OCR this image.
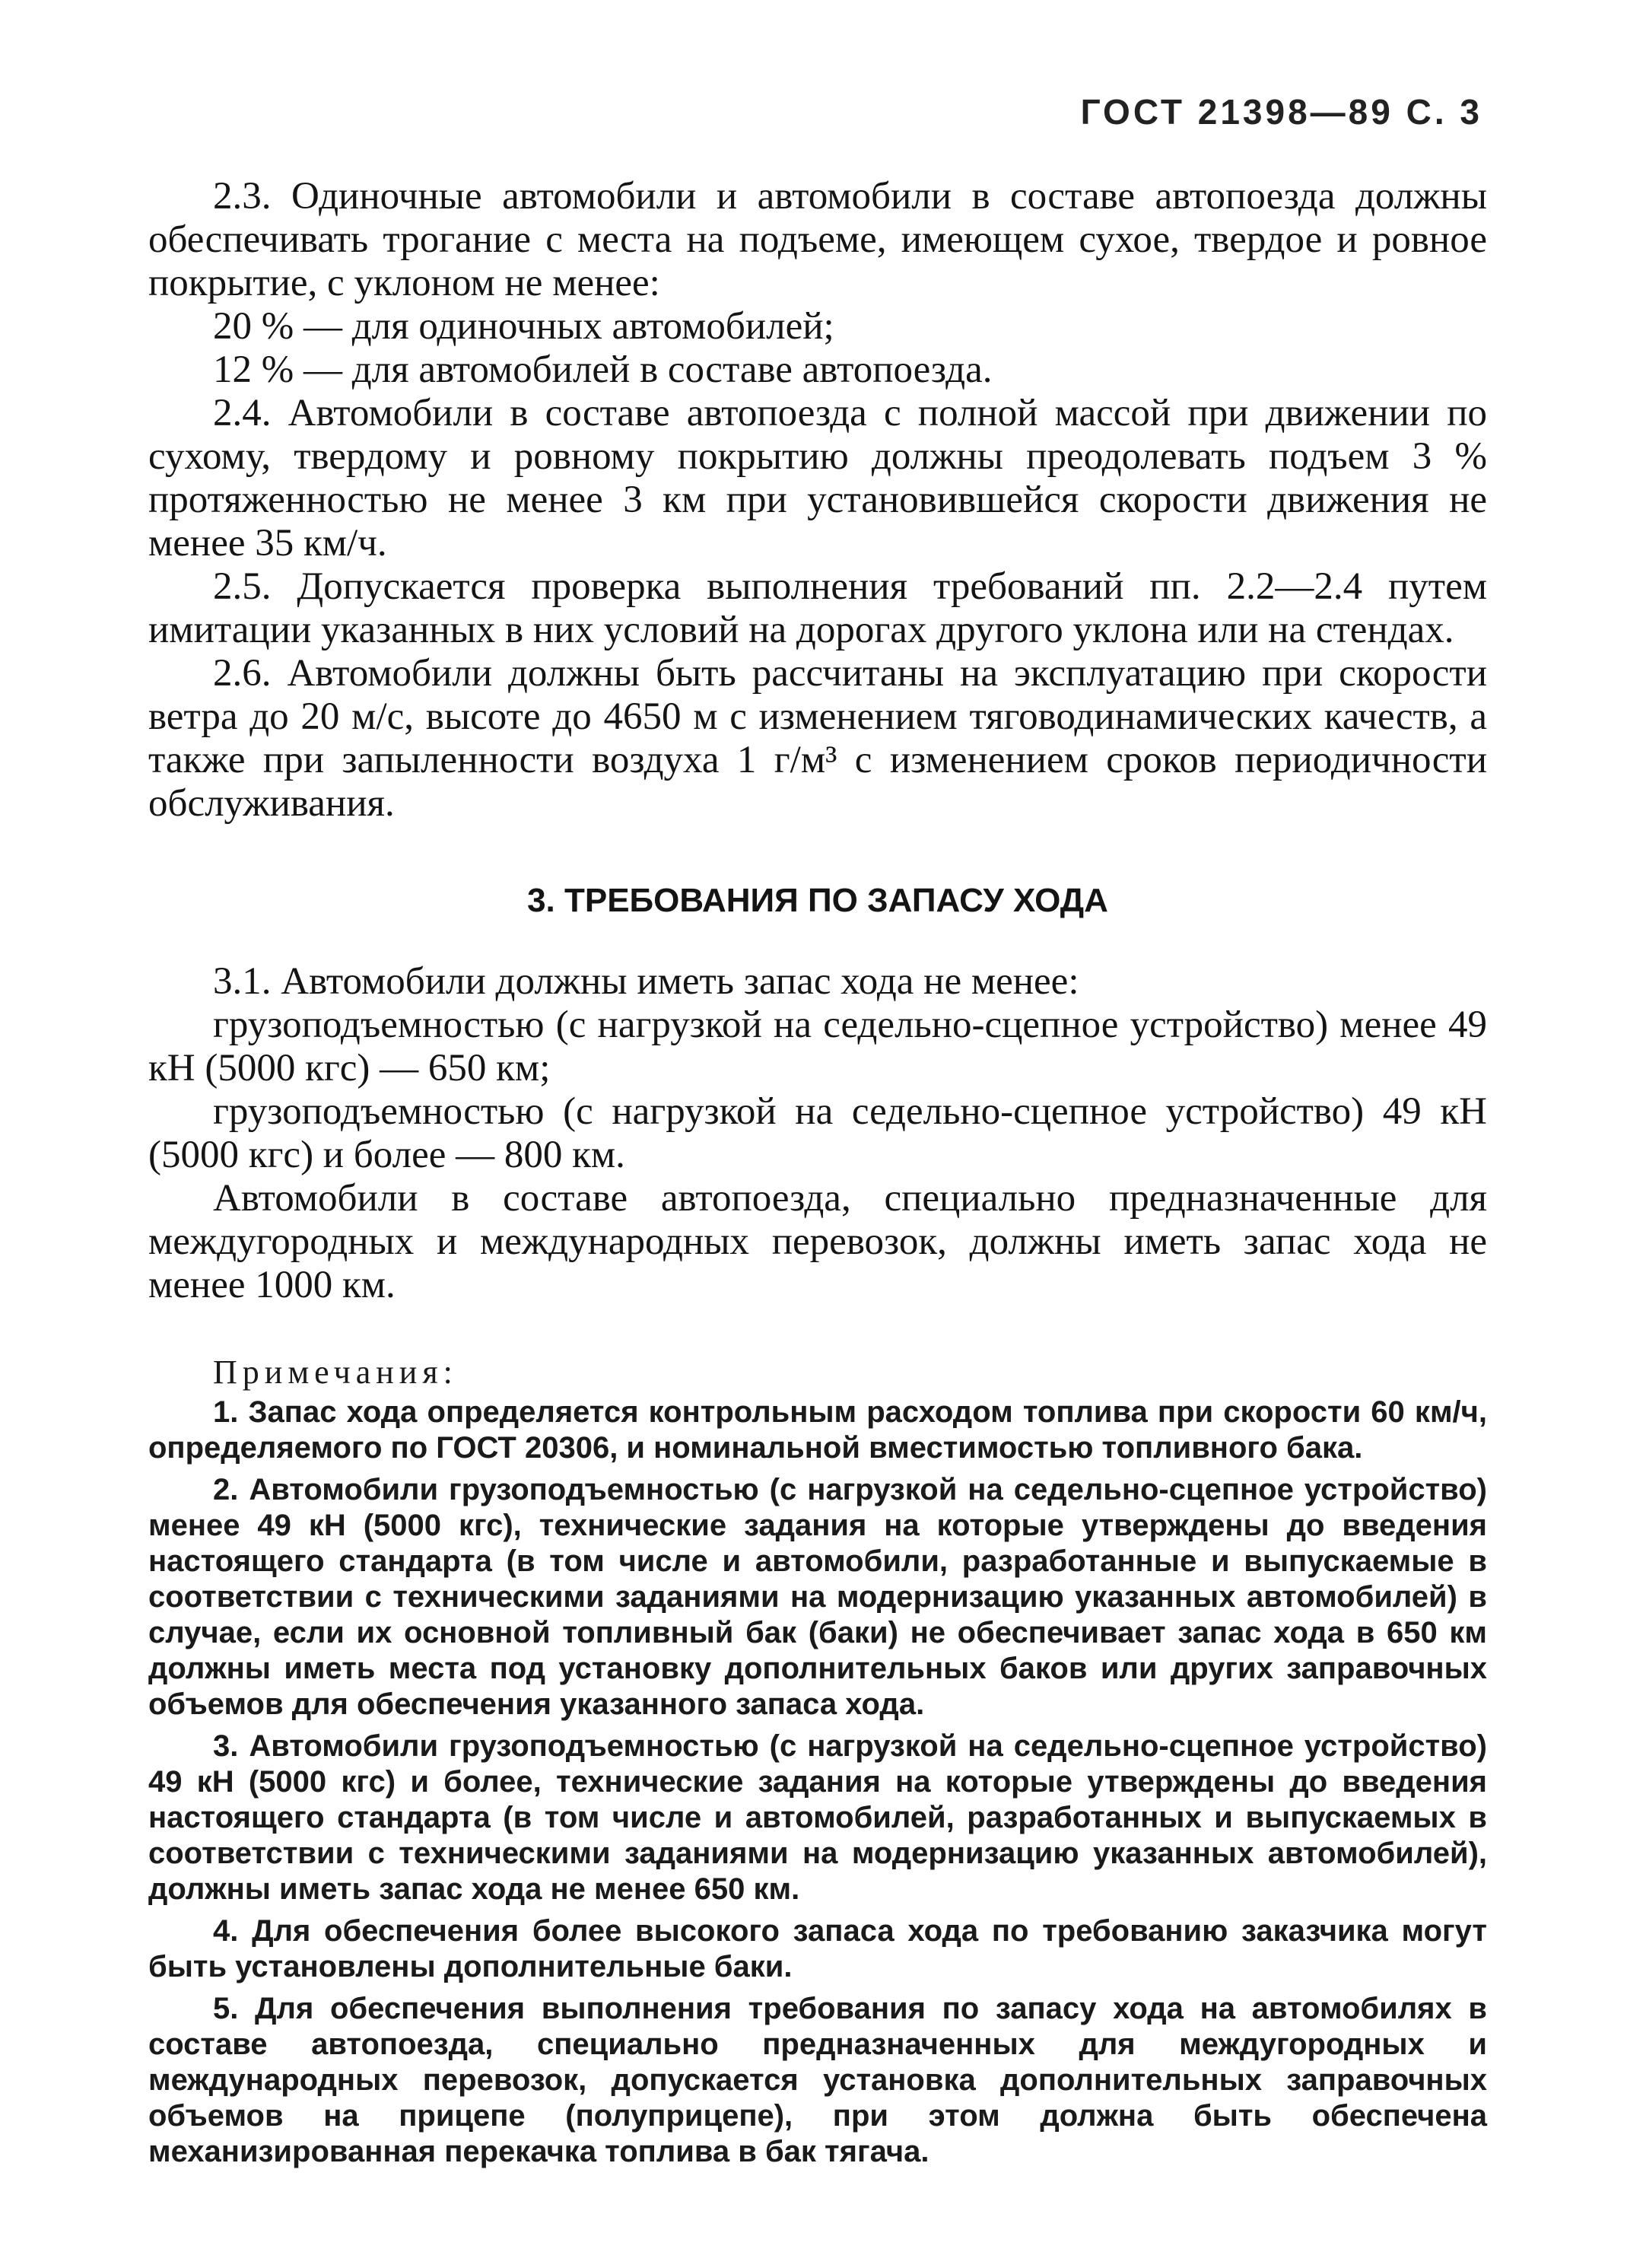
ГОСТ 21398—89 С. 3

2.3. Одиночные автомобили и автомобили в составе автопоезда должны обеспечивать трогание с места на подъеме, имеющем сухое, твердое и ровное покрытие, с уклоном не менее:

20 % — для одиночных автомобилей;

12 % — для автомобилей в составе автопоезда.

2.4. Автомобили в составе автопоезда с полной массой при движении по сухому, твердому и ровному покрытию должны преодолевать подъем 3 % протяженностью не менее 3 км при установившейся скорости движения не менее 35 км/ч.

2.5. Допускается проверка выполнения требований пп. 2.2—2.4 путем имитации указанных в них условий на дорогах другого уклона или на стендах.

2.6. Автомобили должны быть рассчитаны на эксплуатацию при скорости ветра до 20 м/с, высоте до 4650 м с изменением тяговодинамических качеств, а также при запыленности воздуха 1 г/м³ с изменением сроков периодичности обслуживания.

3. ТРЕБОВАНИЯ ПО ЗАПАСУ ХОДА

3.1. Автомобили должны иметь запас хода не менее:

грузоподъемностью (с нагрузкой на седельно-сцепное устройство) менее 49 кН (5000 кгс) — 650 км;

грузоподъемностью (с нагрузкой на седельно-сцепное устройство) 49 кН (5000 кгс) и более — 800 км.

Автомобили в составе автопоезда, специально предназначенные для междугородных и международных перевозок, должны иметь запас хода не менее 1000 км.

Примечания:

1. Запас хода определяется контрольным расходом топлива при скорости 60 км/ч, определяемого по ГОСТ 20306, и номинальной вместимостью топливного бака.

2. Автомобили грузоподъемностью (с нагрузкой на седельно-сцепное устройство) менее 49 кН (5000 кгс), технические задания на которые утверждены до введения настоящего стандарта (в том числе и автомобили, разработанные и выпускаемые в соответствии с техническими заданиями на модернизацию указанных автомобилей) в случае, если их основной топливный бак (баки) не обеспечивает запас хода в 650 км должны иметь места под установку дополнительных баков или других заправочных объемов для обеспечения указанного запаса хода.

3. Автомобили грузоподъемностью (с нагрузкой на седельно-сцепное устройство) 49 кН (5000 кгс) и более, технические задания на которые утверждены до введения настоящего стандарта (в том числе и автомобилей, разработанных и выпускаемых в соответствии с техническими заданиями на модернизацию указанных автомобилей), должны иметь запас хода не менее 650 км.

4. Для обеспечения более высокого запаса хода по требованию заказчика могут быть установлены дополнительные баки.

5. Для обеспечения выполнения требования по запасу хода на автомобилях в составе автопоезда, специально предназначенных для междугородных и международных перевозок, допускается установка дополнительных заправочных объемов на прицепе (полуприцепе), при этом должна быть обеспечена механизированная перекачка топлива в бак тягача.
